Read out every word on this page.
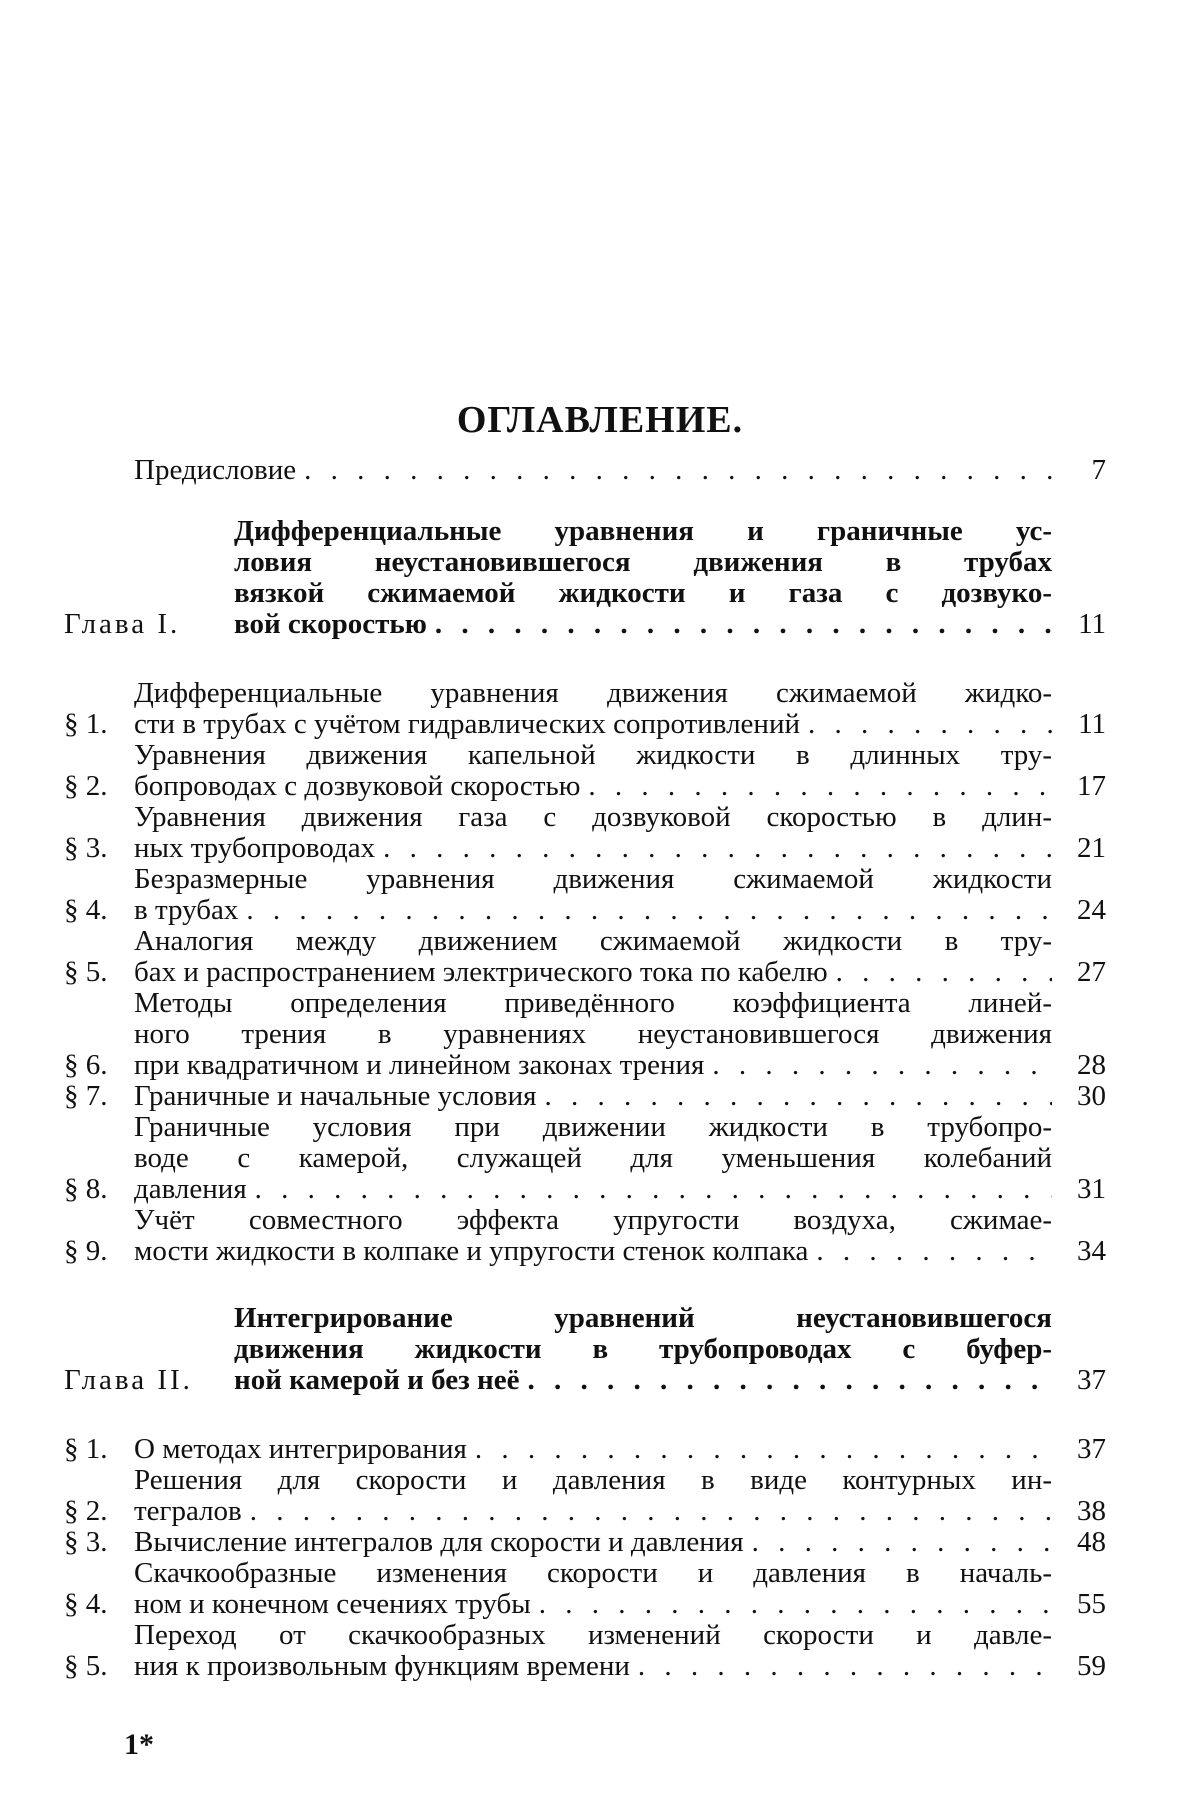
ОГЛАВЛЕНИЕ.
Предисловие . . .	7
Глава I.
Дифференциальные уравнения и граничные ус-
ловия неустановившегося движения в трубах
вязкой сжимаемой жидкости и газа с дозвуко-
вой скоростью . . .	11
§ 1.
Дифференциальные уравнения движения сжимаемой жидко-
сти в трубах с учётом гидравлических сопротивлений . . .	11
§ 2.
Уравнения движения капельной жидкости в длинных тру-
бопроводах с дозвуковой скоростью . . .	17
§ 3.
Уравнения движения газа с дозвуковой скоростью в длин-
ных трубопроводах . . .	21
§ 4.
Безразмерные уравнения движения сжимаемой жидкости
в трубах . . .	24
§ 5.
Аналогия между движением сжимаемой жидкости в тру-
бах и распространением электрического тока по кабелю . . .	27
§ 6.
Методы определения приведённого коэффициента линей-
ного трения в уравнениях неустановившегося движения
при квадратичном и линейном законах трения . . .	28
§ 7. Граничные и начальные условия . . .	30
§ 8.
Граничные условия при движении жидкости в трубопро-
воде с камерой, служащей для уменьшения колебаний
давления . . .	31
§ 9.
Учёт совместного эффекта упругости воздуха, сжимае-
мости жидкости в колпаке и упругости стенок колпака . . .	34
Глава II.
Интегрирование уравнений неустановившегося
движения жидкости в трубопроводах с буфер-
ной камерой и без неё . . .	37
§ 1. О методах интегрирования . . .	37
§ 2.
Решения для скорости и давления в виде контурных ин-
тегралов . . .	38
§ 3. Вычисление интегралов для скорости и давления . . .	48
§ 4.
Скачкообразные изменения скорости и давления в началь-
ном и конечном сечениях трубы . . .	55
§ 5.
Переход от скачкообразных изменений скорости и давле-
ния к произвольным функциям времени . . .	59
1*
